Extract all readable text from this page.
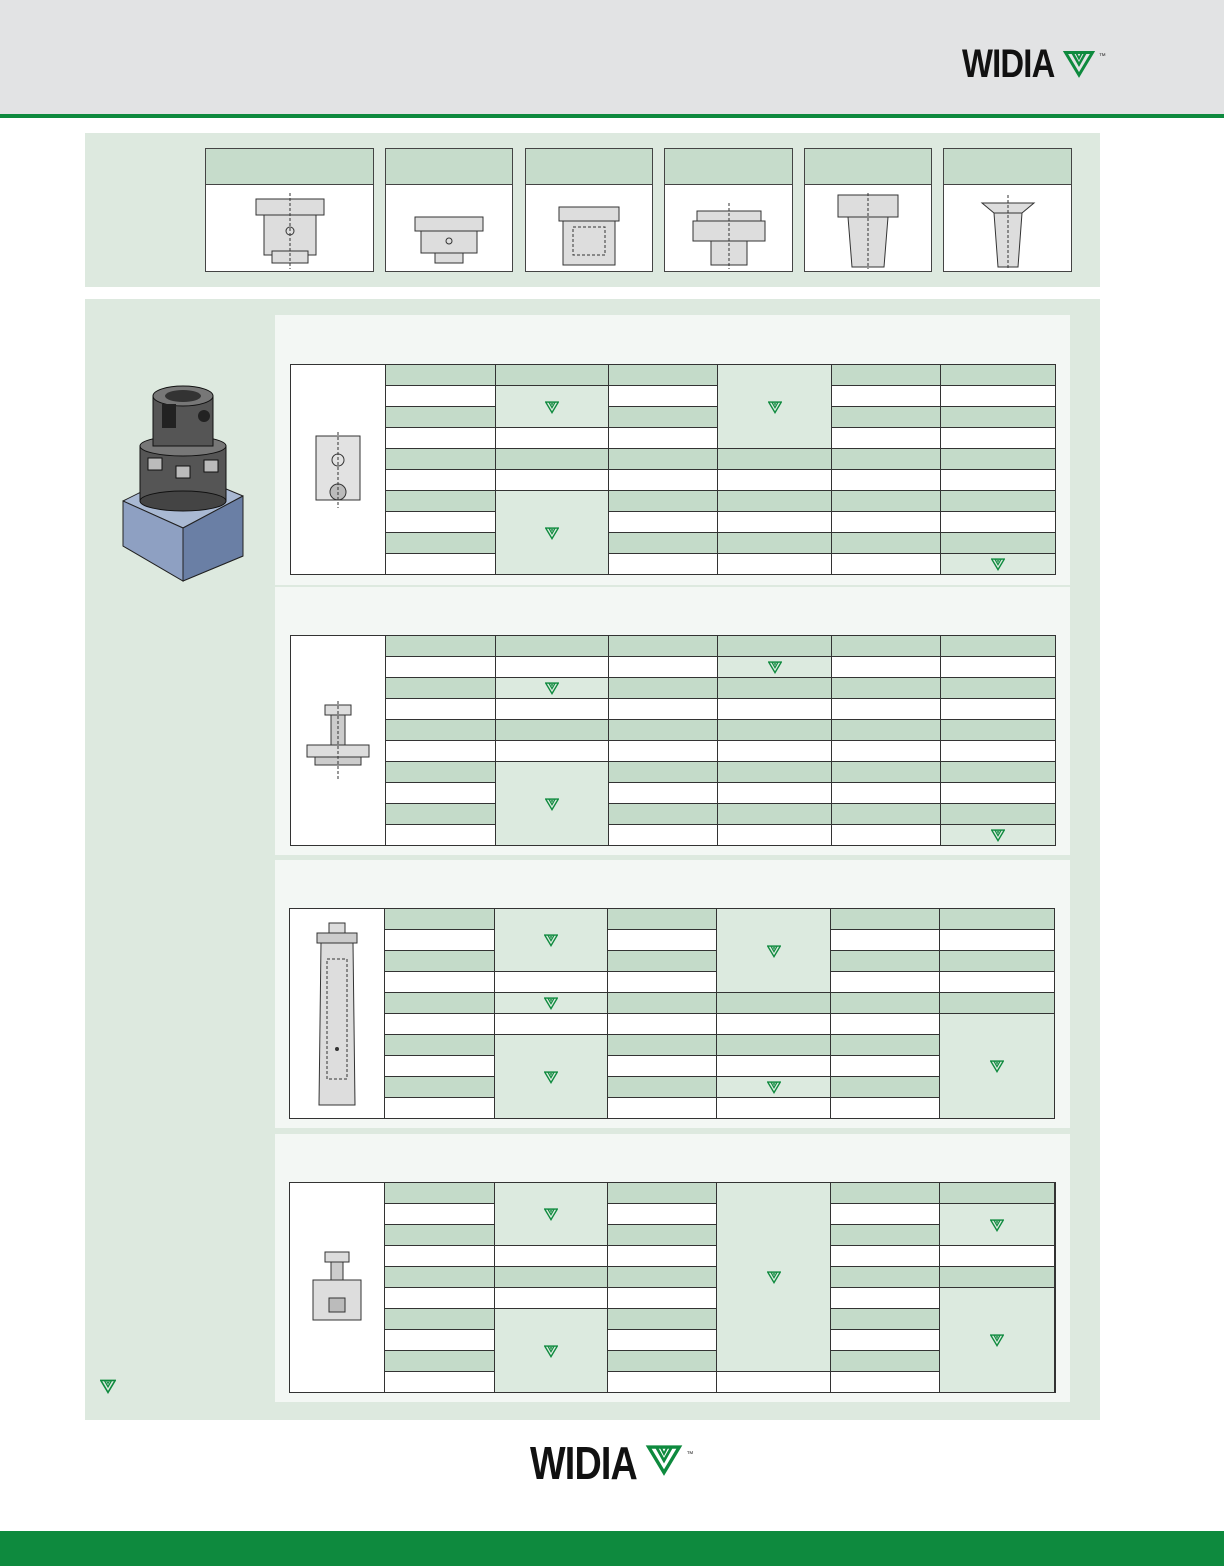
WIDIA	™
WIDIA	™
